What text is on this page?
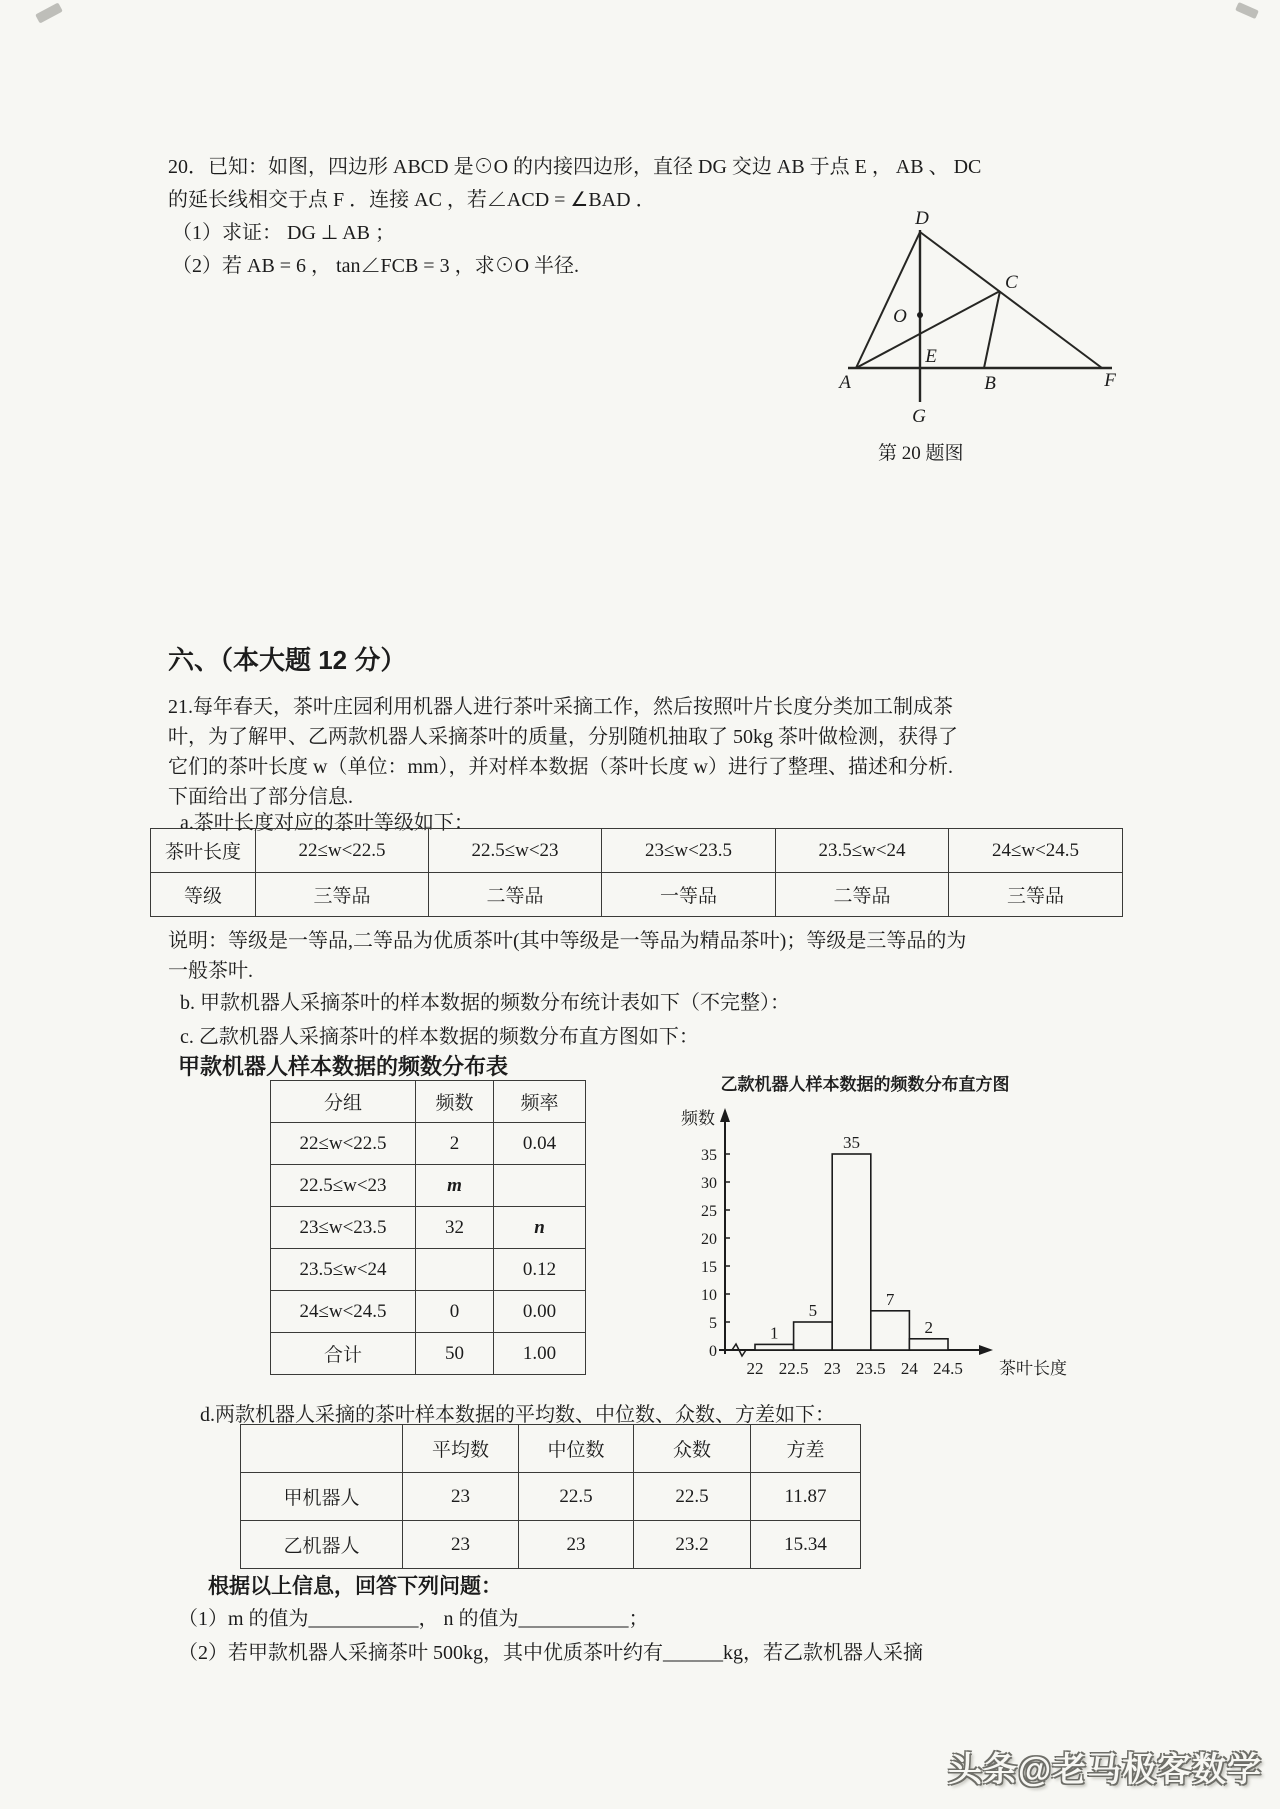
20．已知：如图，四边形 ABCD 是⊙O 的内接四边形，直径 DG 交边 AB 于点 E ， AB 、 DC
的延长线相交于点 F ．连接 AC ，若∠ACD = ∠BAD ．
（1）求证： DG ⊥ AB ；
（2）若 AB = 6 ， tan∠FCB = 3 ，求⊙O 半径.
D
O
C
E
A	B
G
F
第 20 题图
六、（本大题 12 分）
21.每年春天，茶叶庄园利用机器人进行茶叶采摘工作，然后按照叶片长度分类加工制成茶
叶，为了解甲、乙两款机器人采摘茶叶的质量，分别随机抽取了 50kg 茶叶做检测，获得了
它们的茶叶长度 w（单位：mm），并对样本数据（茶叶长度 w）进行了整理、描述和分析.
下面给出了部分信息.
a.茶叶长度对应的茶叶等级如下：
茶叶长度	22≤w<22.5	22.5≤w<23	23≤w<23.5	23.5≤w<24	24≤w<24.5
等级	三等品	二等品	一等品	二等品	三等品
说明：等级是一等品,二等品为优质茶叶(其中等级是一等品为精品茶叶)；等级是三等品的为
一般茶叶.
b. 甲款机器人采摘茶叶的样本数据的频数分布统计表如下（不完整）：
c. 乙款机器人采摘茶叶的样本数据的频数分布直方图如下：
甲款机器人样本数据的频数分布表
分组	频数	频率
22≤w<22.5	2	0.04
22.5≤w<23	m	
23≤w<23.5	32	n
23.5≤w<24		0.12
24≤w<24.5	0	0.00
合计	50	1.00
乙款机器人样本数据的频数分布直方图
0
5
10
15
20
25
30
35
22 22.5 23 23.5 24 24.5
1
5
35
7
2
频数
茶叶长度
d.两款机器人采摘的茶叶样本数据的平均数、中位数、众数、方差如下：
	平均数	中位数	众数	方差
甲机器人	23	22.5	22.5	11.87
乙机器人	23	23	23.2	15.34
根据以上信息，回答下列问题：
（1）m 的值为___________， n 的值为___________；
（2）若甲款机器人采摘茶叶 500kg，其中优质茶叶约有______kg，若乙款机器人采摘
头条@老马极客数学
